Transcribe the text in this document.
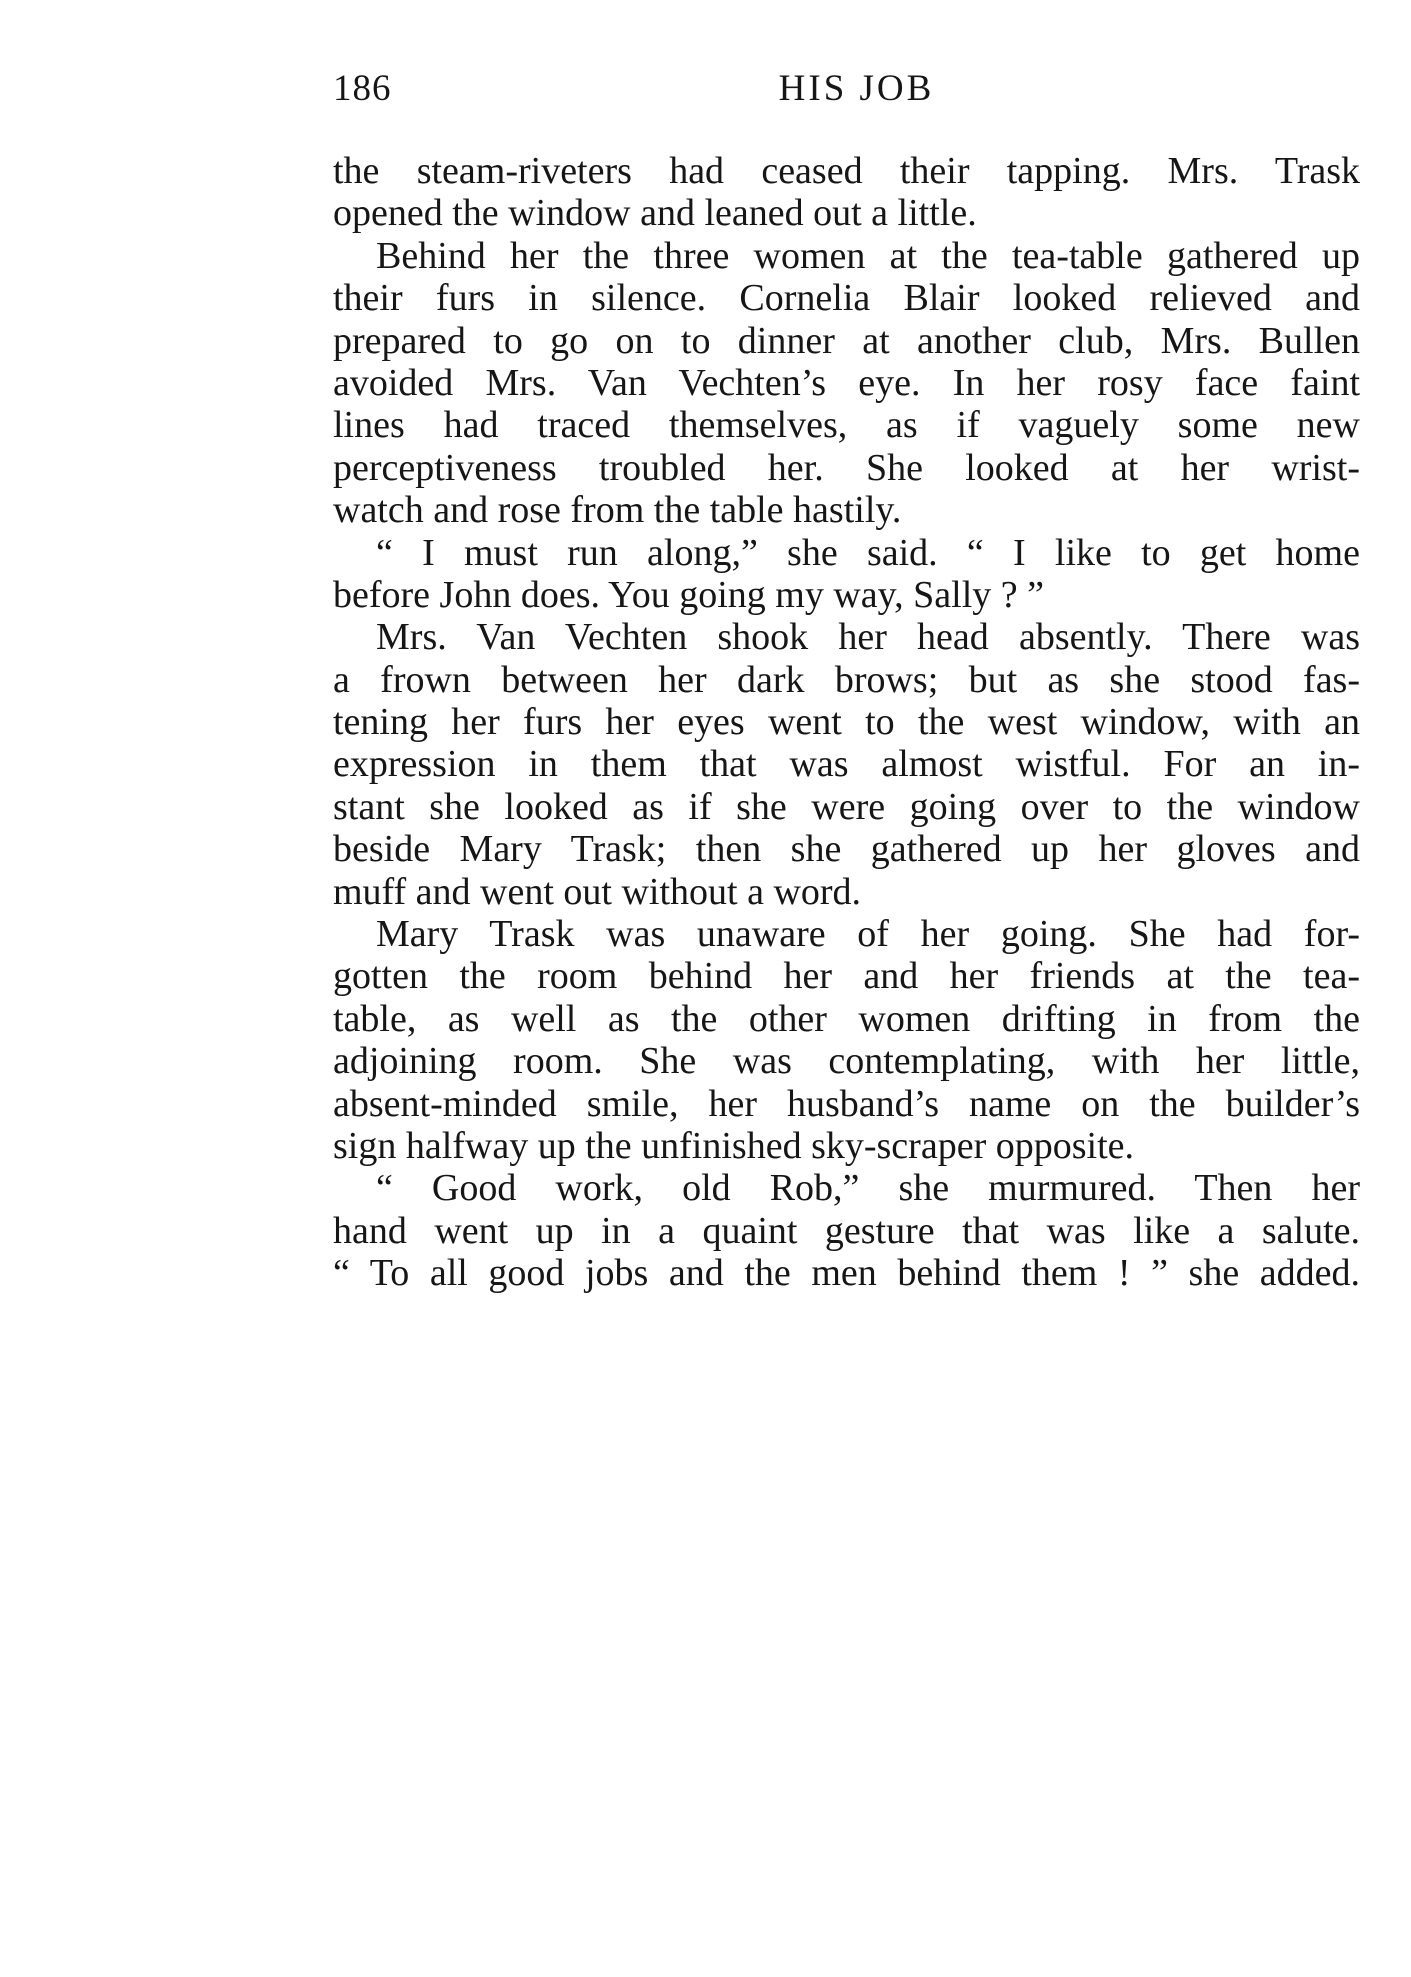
186	HIS JOB
the steam-riveters had ceased their tapping. Mrs. Trask
opened the window and leaned out a little.
Behind her the three women at the tea-table gathered up
their furs in silence. Cornelia Blair looked relieved and
prepared to go on to dinner at another club, Mrs. Bullen
avoided Mrs. Van Vechten’s eye. In her rosy face faint
lines had traced themselves, as if vaguely some new
perceptiveness troubled her. She looked at her wrist-
watch and rose from the table hastily.
“ I must run along,” she said. “ I like to get home
before John does. You going my way, Sally ? ”
Mrs. Van Vechten shook her head absently. There was
a frown between her dark brows; but as she stood fas-
tening her furs her eyes went to the west window, with an
expression in them that was almost wistful. For an in-
stant she looked as if she were going over to the window
beside Mary Trask; then she gathered up her gloves and
muff and went out without a word.
Mary Trask was unaware of her going. She had for-
gotten the room behind her and her friends at the tea-
table, as well as the other women drifting in from the
adjoining room. She was contemplating, with her little,
absent-minded smile, her husband’s name on the builder’s
sign halfway up the unfinished sky-scraper opposite.
“ Good work, old Rob,” she murmured. Then her
hand went up in a quaint gesture that was like a salute.
“ To all good jobs and the men behind them ! ” she added.
